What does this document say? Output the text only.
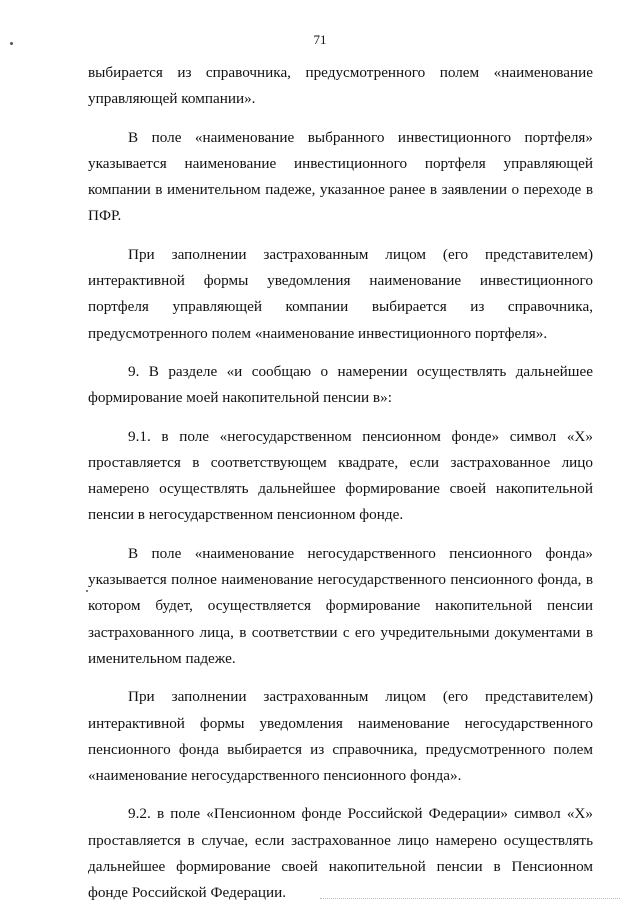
71

выбирается из справочника, предусмотренного полем «наименование управляющей компании».

В поле «наименование выбранного инвестиционного портфеля» указывается наименование инвестиционного портфеля управляющей компании в именительном падеже, указанное ранее в заявлении о переходе в ПФР.

При заполнении застрахованным лицом (его представителем) интерактивной формы уведомления наименование инвестиционного портфеля управляющей компании выбирается из справочника, предусмотренного полем «наименование инвестиционного портфеля».

9. В разделе «и сообщаю о намерении осуществлять дальнейшее формирование моей накопительной пенсии в»:

9.1. в поле «негосударственном пенсионном фонде» символ «X» проставляется в соответствующем квадрате, если застрахованное лицо намерено осуществлять дальнейшее формирование своей накопительной пенсии в негосударственном пенсионном фонде.

В поле «наименование негосударственного пенсионного фонда» указывается полное наименование негосударственного пенсионного фонда, в котором будет, осуществляется формирование накопительной пенсии застрахованного лица, в соответствии с его учредительными документами в именительном падеже.

При заполнении застрахованным лицом (его представителем) интерактивной формы уведомления наименование негосударственного пенсионного фонда выбирается из справочника, предусмотренного полем «наименование негосударственного пенсионного фонда».

9.2. в поле «Пенсионном фонде Российской Федерации» символ «X» проставляется в случае, если застрахованное лицо намерено осуществлять дальнейшее формирование своей накопительной пенсии в Пенсионном фонде Российской Федерации.
